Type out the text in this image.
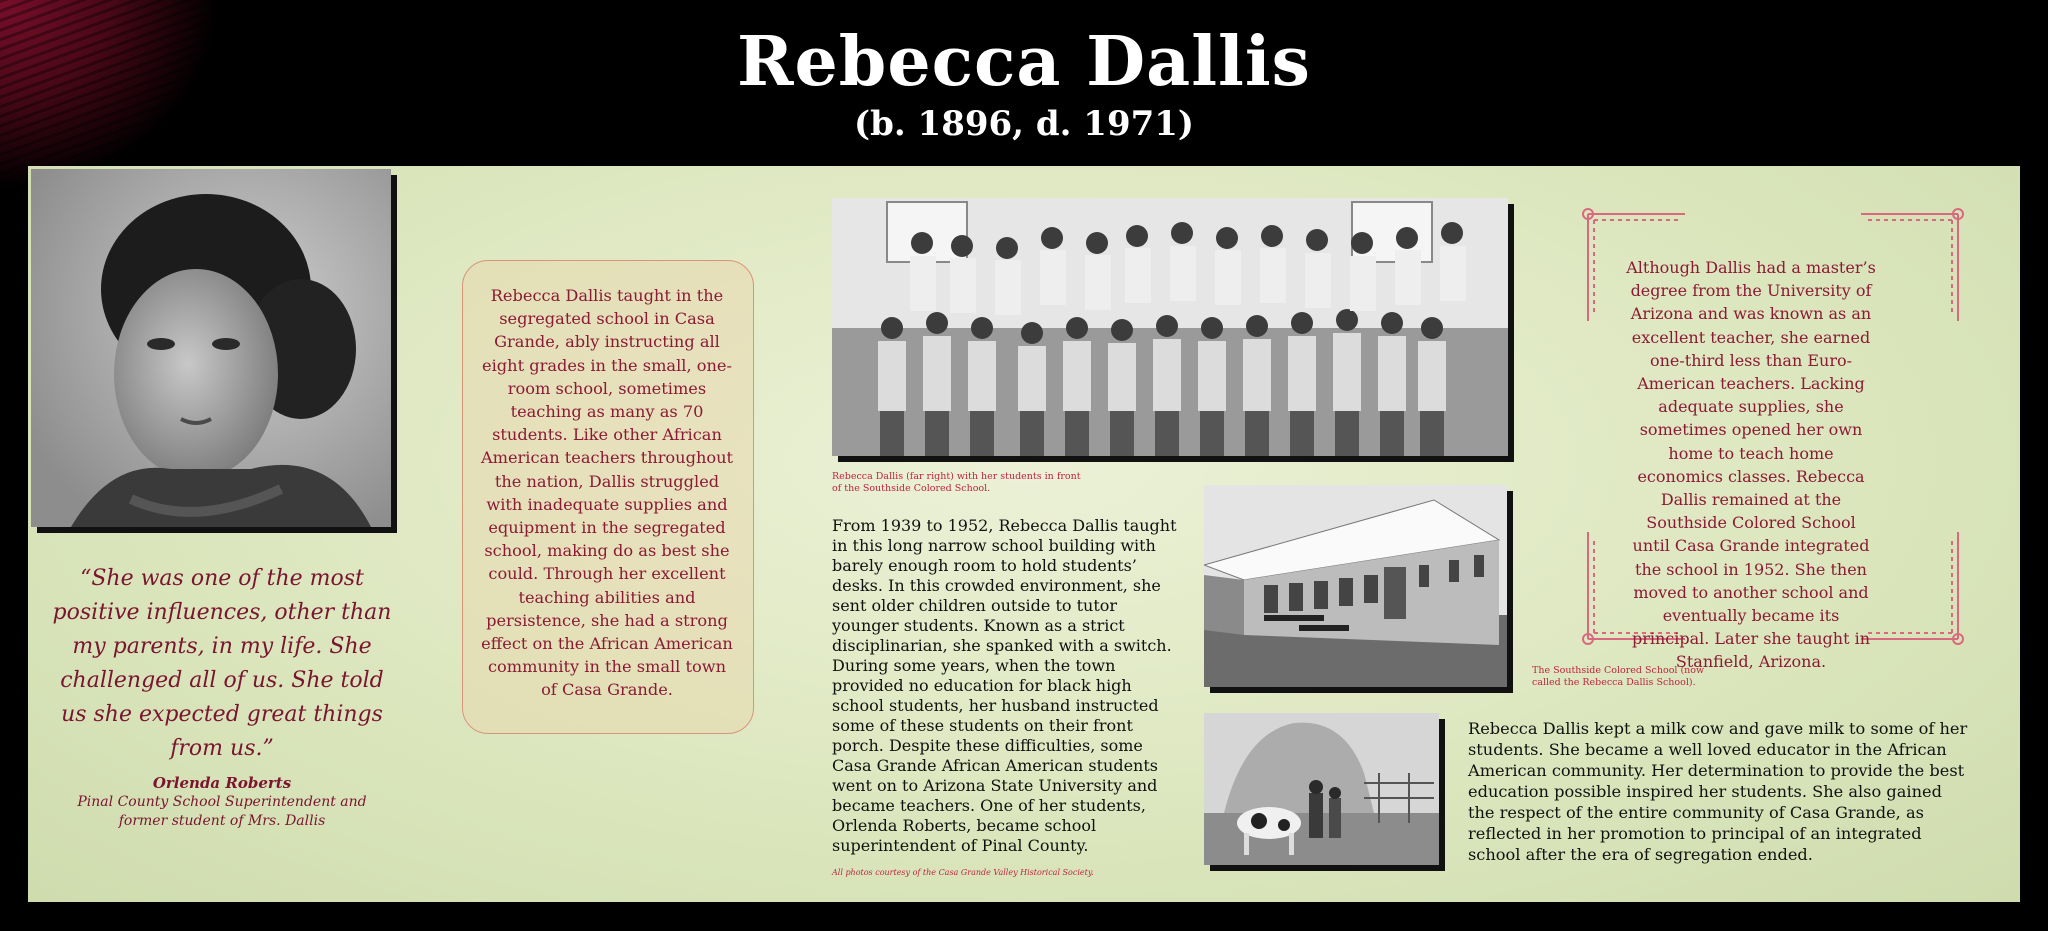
Rebecca Dallis
(b. 1896, d. 1971)
“She was one of the most positive influences, other than my parents, in my life. She challenged all of us. She told us she expected great things from us.”
Orlenda Roberts
Pinal County School Superintendent and former student of Mrs. Dallis
Rebecca Dallis taught in the segregated school in Casa Grande, ably instructing all eight grades in the small, one-room school, sometimes teaching as many as 70 students. Like other African American teachers throughout the nation, Dallis struggled with inadequate supplies and equipment in the segregated school, making do as best she could. Through her excellent teaching abilities and persistence, she had a strong effect on the African American community in the small town of Casa Grande.
Rebecca Dallis (far right) with her students in front of the Southside Colored School.
From 1939 to 1952, Rebecca Dallis taught in this long narrow school building with barely enough room to hold students’ desks. In this crowded environment, she sent older children outside to tutor younger students. Known as a strict disciplinarian, she spanked with a switch. During some years, when the town provided no education for black high school students, her husband instructed some of these students on their front porch. Despite these difficulties, some Casa Grande African American students went on to Arizona State University and became teachers. One of her students, Orlenda Roberts, became school superintendent of Pinal County.
All photos courtesy of the Casa Grande Valley Historical Society.
The Southside Colored School (now called the Rebecca Dallis School).
Although Dallis had a master’s degree from the University of Arizona and was known as an excellent teacher, she earned one-third less than Euro-American teachers. Lacking adequate supplies, she sometimes opened her own home to teach home economics classes. Rebecca Dallis remained at the Southside Colored School until Casa Grande integrated the school in 1952. She then moved to another school and eventually became its principal. Later she taught in Stanfield, Arizona.
Rebecca Dallis kept a milk cow and gave milk to some of her students. She became a well loved educator in the African American community. Her determination to provide the best education possible inspired her students. She also gained the respect of the entire community of Casa Grande, as reflected in her promotion to principal of an integrated school after the era of segregation ended.
